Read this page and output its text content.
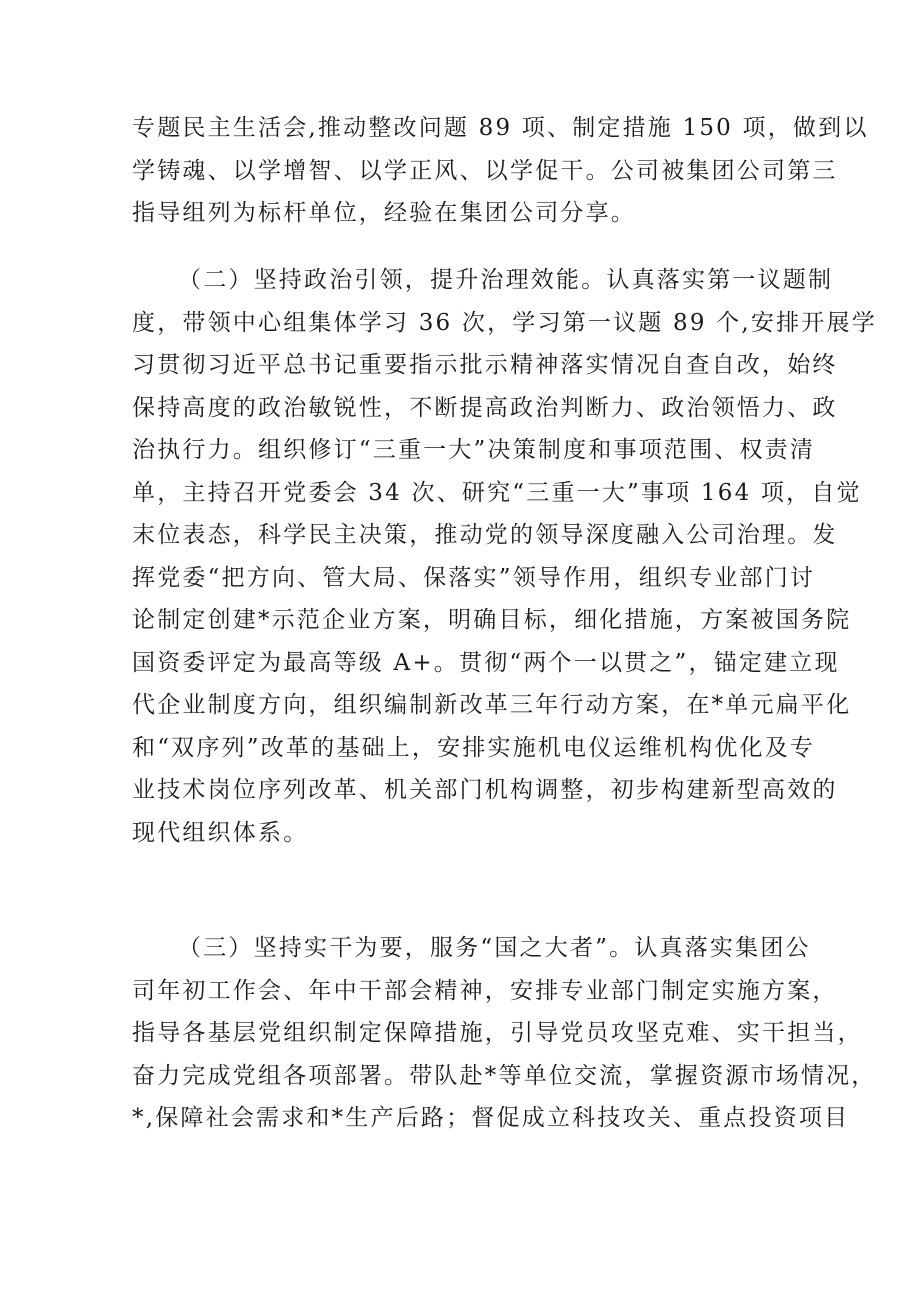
专题民主生活会,推动整改问题 89 项、制定措施 150 项，做到以
学铸魂、以学增智、以学正风、以学促干。公司被集团公司第三
指导组列为标杆单位，经验在集团公司分享。
（二）坚持政治引领，提升治理效能。认真落实第一议题制
度，带领中心组集体学习 36 次，学习第一议题 89 个,安排开展学
习贯彻习近平总书记重要指示批示精神落实情况自查自改，始终
保持高度的政治敏锐性，不断提高政治判断力、政治领悟力、政
治执行力。组织修订“三重一大”决策制度和事项范围、权责清
单，主持召开党委会 34 次、研究“三重一大”事项 164 项，自觉
末位表态，科学民主决策，推动党的领导深度融入公司治理。发
挥党委“把方向、管大局、保落实”领导作用，组织专业部门讨
论制定创建*示范企业方案，明确目标，细化措施，方案被国务院
国资委评定为最高等级 A+。贯彻“两个一以贯之”，锚定建立现
代企业制度方向，组织编制新改革三年行动方案，在*单元扁平化
和“双序列”改革的基础上，安排实施机电仪运维机构优化及专
业技术岗位序列改革、机关部门机构调整，初步构建新型高效的
现代组织体系。
（三）坚持实干为要，服务“国之大者”。认真落实集团公
司年初工作会、年中干部会精神，安排专业部门制定实施方案，
指导各基层党组织制定保障措施，引导党员攻坚克难、实干担当，
奋力完成党组各项部署。带队赴*等单位交流，掌握资源市场情况，
*,保障社会需求和*生产后路；督促成立科技攻关、重点投资项目
